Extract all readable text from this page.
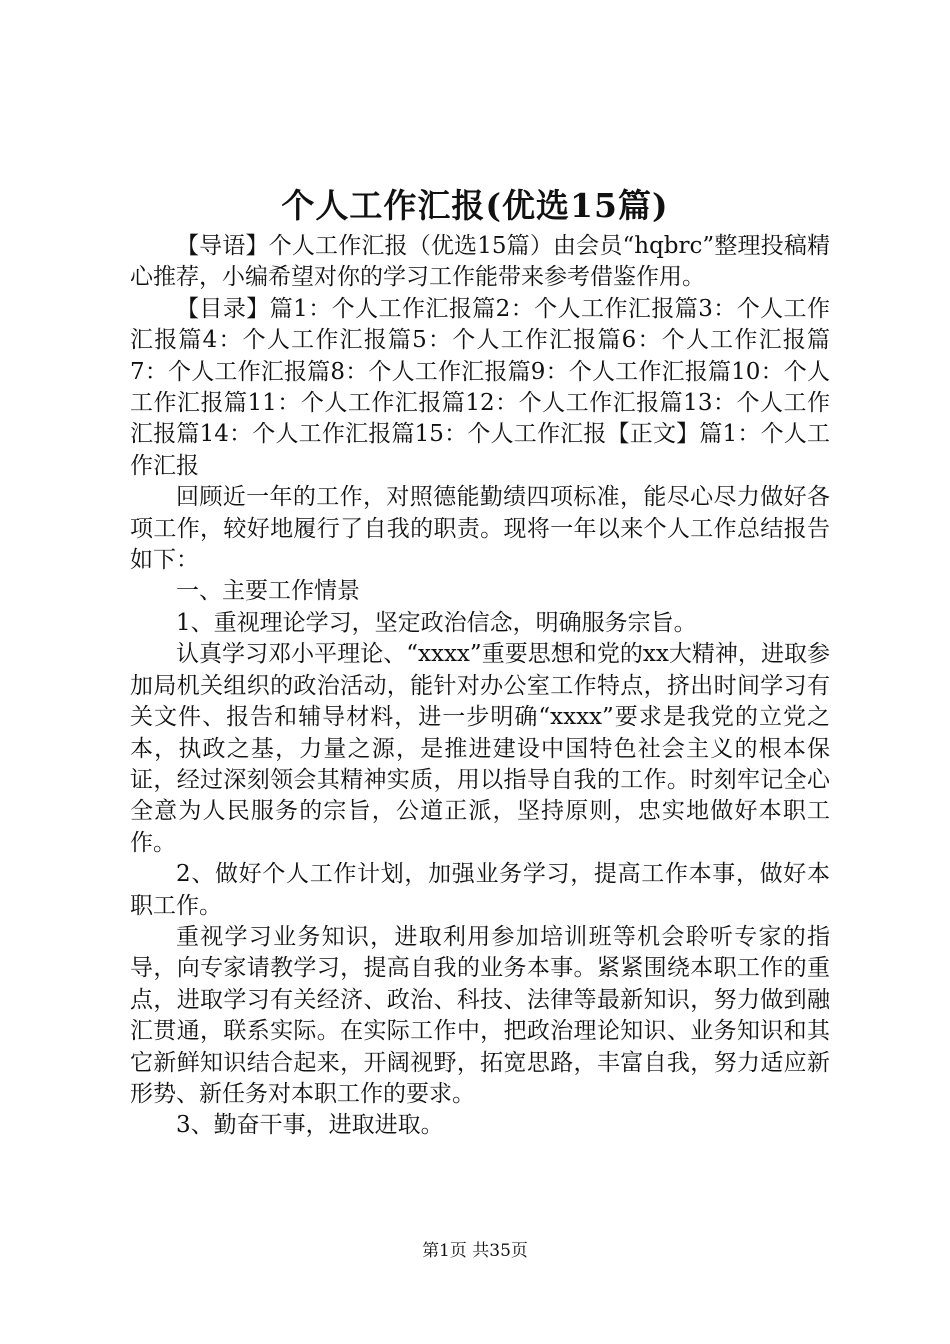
个人工作汇报(优选15篇)

【导语】个人工作汇报（优选15篇）由会员“hqbrc”整理投稿精心推荐，小编希望对你的学习工作能带来参考借鉴作用。

【目录】篇1：个人工作汇报篇2：个人工作汇报篇3：个人工作汇报篇4：个人工作汇报篇5：个人工作汇报篇6：个人工作汇报篇7：个人工作汇报篇8：个人工作汇报篇9：个人工作汇报篇10：个人工作汇报篇11：个人工作汇报篇12：个人工作汇报篇13：个人工作汇报篇14：个人工作汇报篇15：个人工作汇报【正文】篇1：个人工作汇报

回顾近一年的工作，对照德能勤绩四项标准，能尽心尽力做好各项工作，较好地履行了自我的职责。现将一年以来个人工作总结报告如下：

一、主要工作情景

1、重视理论学习，坚定政治信念，明确服务宗旨。

认真学习邓小平理论、“xxxx”重要思想和党的xx大精神，进取参加局机关组织的政治活动，能针对办公室工作特点，挤出时间学习有关文件、报告和辅导材料，进一步明确“xxxx”要求是我党的立党之本，执政之基，力量之源，是推进建设中国特色社会主义的根本保证，经过深刻领会其精神实质，用以指导自我的工作。时刻牢记全心全意为人民服务的宗旨，公道正派，坚持原则，忠实地做好本职工作。

2、做好个人工作计划，加强业务学习，提高工作本事，做好本职工作。

重视学习业务知识，进取利用参加培训班等机会聆听专家的指导，向专家请教学习，提高自我的业务本事。紧紧围绕本职工作的重点，进取学习有关经济、政治、科技、法律等最新知识，努力做到融汇贯通，联系实际。在实际工作中，把政治理论知识、业务知识和其它新鲜知识结合起来，开阔视野，拓宽思路，丰富自我，努力适应新形势、新任务对本职工作的要求。

3、勤奋干事，进取进取。

第1页 共35页
